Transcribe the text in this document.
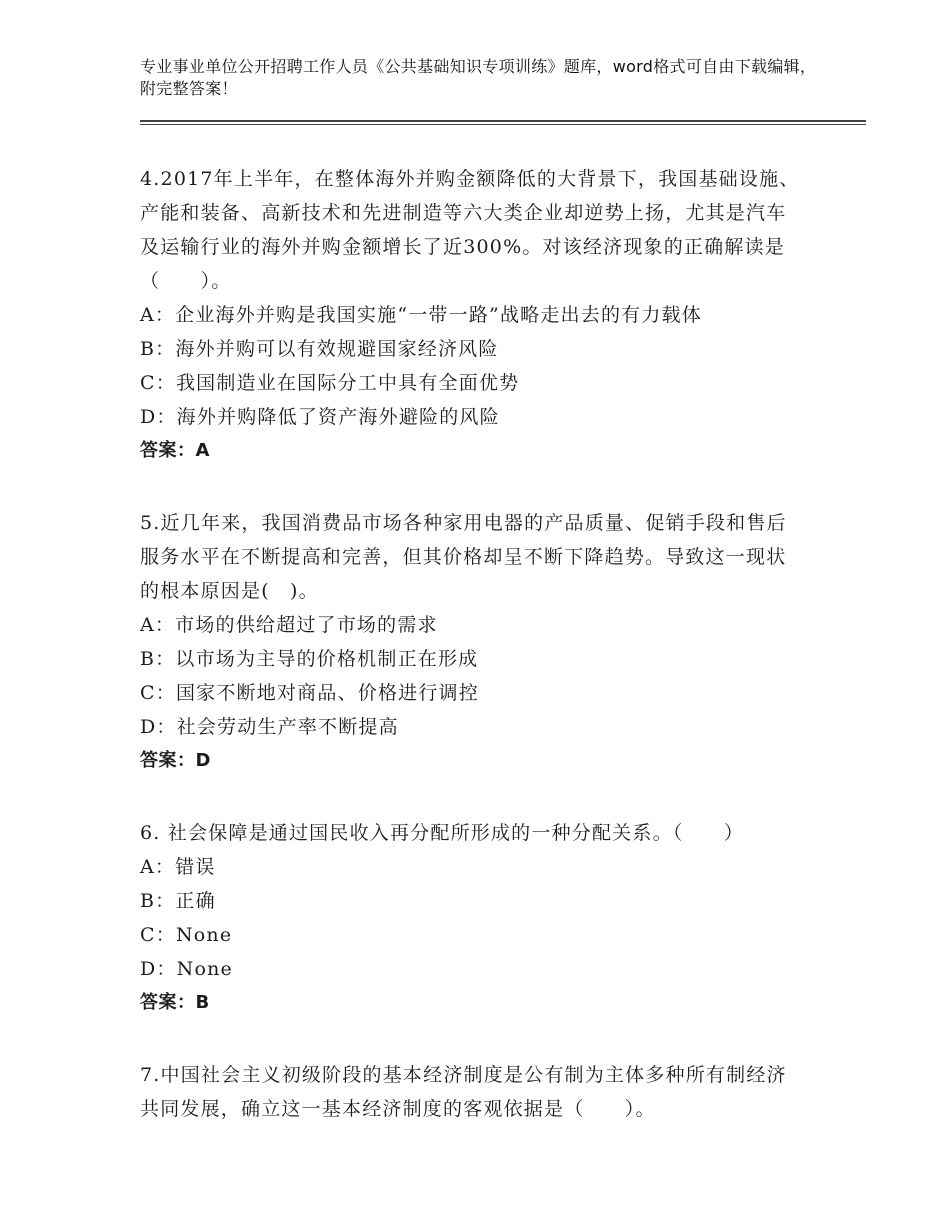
专业事业单位公开招聘工作人员《公共基础知识专项训练》题库，word格式可自由下载编辑，附完整答案！

4.2017年上半年，在整体海外并购金额降低的大背景下，我国基础设施、产能和装备、高新技术和先进制造等六大类企业却逆势上扬，尤其是汽车及运输行业的海外并购金额增长了近300%。对该经济现象的正确解读是（　　）。

A：企业海外并购是我国实施“一带一路”战略走出去的有力载体

B：海外并购可以有效规避国家经济风险

C：我国制造业在国际分工中具有全面优势

D：海外并购降低了资产海外避险的风险

答案：A

5.近几年来，我国消费品市场各种家用电器的产品质量、促销手段和售后服务水平在不断提高和完善，但其价格却呈不断下降趋势。导致这一现状的根本原因是(　)。

A：市场的供给超过了市场的需求

B：以市场为主导的价格机制正在形成

C：国家不断地对商品、价格进行调控

D：社会劳动生产率不断提高

答案：D

6. 社会保障是通过国民收入再分配所形成的一种分配关系。（　　）

A：错误

B：正确

C：None

D：None

答案：B

7.中国社会主义初级阶段的基本经济制度是公有制为主体多种所有制经济共同发展，确立这一基本经济制度的客观依据是（　　）。
